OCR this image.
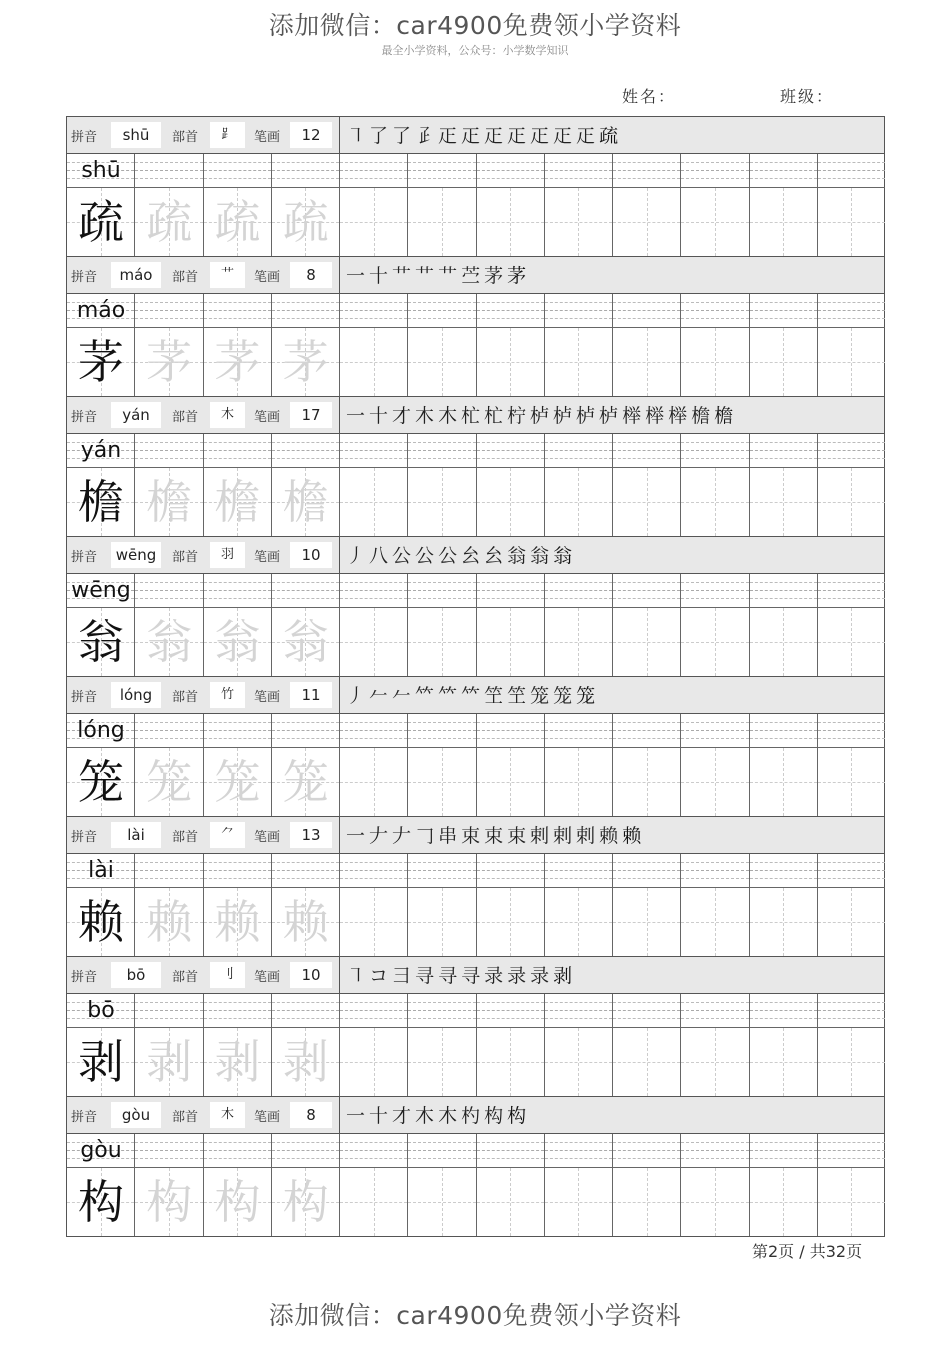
添加微信：car4900免费领小学资料
最全小学资料，公众号：小学数学知识
姓名：	班级：
拼音	shū	部首	⻊	笔画	12	㇕ 了 了 𤴔 𤴓 𤴓 𤴓 𤴓 𤴓 𤴓 𤴓 疏
shū
疏 疏 疏 疏
拼音	máo	部首	艹	笔画	8	一 十 艹 艹 艹 苎 茅 茅
máo
茅 茅 茅 茅
拼音	yán	部首	木	笔画	17	一 十 才 木 木 杧 杧 柠 栌 栌 栌 栌 榉 榉 榉 檐 檐
yán
檐 檐 檐 檐
拼音	wēng	部首	羽	笔画	10	丿 八 公 公 公 㕕 㕕 翁 翁 翁
wēng
翁 翁 翁 翁
拼音	lóng	部首	竹	笔画	11	丿 𠂉 𠂉 𥫗 𥫗 𥫗 笁 笁 笼 笼 笼
lóng
笼 笼 笼 笼
拼音	lài	部首	⺈	笔画	13	一 𠂇 𠂇 𠃌 串 束 束 束 剌 剌 剌 赖 赖
lài
赖 赖 赖 赖
拼音	bō	部首	刂	笔画	10	㇕ コ 彐 寻 寻 寻 录 录 录 剥
bō
剥 剥 剥 剥
拼音	gòu	部首	木	笔画	8	一 十 才 木 木 杓 构 构
gòu
构 构 构 构
第2页 / 共32页
添加微信：car4900免费领小学资料
